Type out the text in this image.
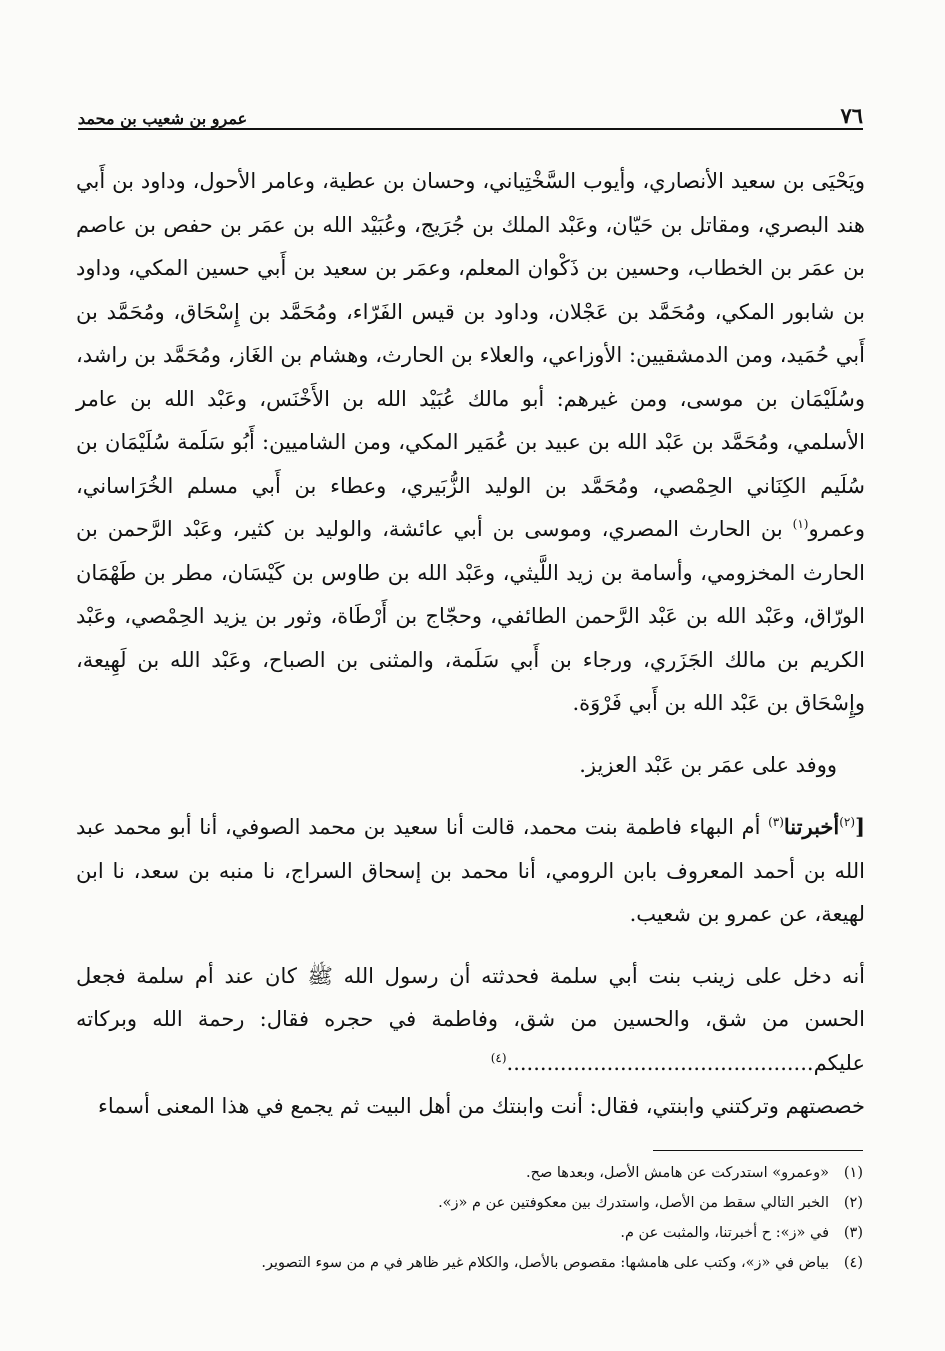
٧٦
عمرو بن شعيب بن محمد

ويَحْيَى بن سعيد الأنصاري، وأيوب السَّخْتِياني، وحسان بن عطية، وعامر الأحول، وداود بن أَبي هند البصري، ومقاتل بن حَيّان، وعَبْد الملك بن جُرَيج، وعُبَيْد الله بن عمَر بن حفص بن عاصم بن عمَر بن الخطاب، وحسين بن ذَكْوان المعلم، وعمَر بن سعيد بن أَبي حسين المكي، وداود بن شابور المكي، ومُحَمَّد بن عَجْلان، وداود بن قيس الفَرّاء، ومُحَمَّد بن إِسْحَاق، ومُحَمَّد بن أَبي حُمَيد، ومن الدمشقيين: الأوزاعي، والعلاء بن الحارث، وهشام بن الغَاز، ومُحَمَّد بن راشد، وسُلَيْمَان بن موسى، ومن غيرهم: أبو مالك عُبَيْد الله بن الأَخْنَس، وعَبْد الله بن عامر الأسلمي، ومُحَمَّد بن عَبْد الله بن عبيد بن عُمَير المكي، ومن الشاميين: أَبُو سَلَمة سُلَيْمَان بن سُلَيم الكِنَاني الحِمْصي، ومُحَمَّد بن الوليد الزُّبَيري، وعطاء بن أَبي مسلم الخُرَاساني، وعمرو$^{(١)}$ بن الحارث المصري، وموسى بن أبي عائشة، والوليد بن كثير، وعَبْد الرَّحمن بن الحارث المخزومي، وأسامة بن زيد اللَّيثي، وعَبْد الله بن طاوس بن كَيْسَان، مطر بن طَهْمَان الورّاق، وعَبْد الله بن عَبْد الرَّحمن الطائفي، وحجّاج بن أَرْطَاة، وثور بن يزيد الحِمْصي، وعَبْد الكريم بن مالك الجَزَري، ورجاء بن أَبي سَلَمة، والمثنى بن الصباح، وعَبْد الله بن لَهِيعة، وإِسْحَاق بن عَبْد الله بن أَبي فَرْوَة.

ووفد على عمَر بن عَبْد العزيز.

[$^{(٢)}$أخبرتنا$^{(٣)}$ أم البهاء فاطمة بنت محمد، قالت أنا سعيد بن محمد الصوفي، أنا أبو محمد عبد الله بن أحمد المعروف بابن الرومي، أنا محمد بن إسحاق السراج، نا منبه بن سعد، نا ابن لهيعة، عن عمرو بن شعيب.

أنه دخل على زينب بنت أبي سلمة فحدثته أن رسول الله ﷺ كان عند أم سلمة فجعل الحسن من شق، والحسين من شق، وفاطمة في حجره فقال: رحمة الله وبركاته عليكم..............................................$^{(٤)}$

خصصتهم وتركتني وابنتي، فقال: أنت وابنتك من أهل البيت ثم يجمع في هذا المعنى أسماء

(١)«وعمرو» استدركت عن هامش الأصل، وبعدها صح.

(٢)الخبر التالي سقط من الأصل، واستدرك بين معكوفتين عن م «ز».

(٣)في «ز»: ح أخبرتنا، والمثبت عن م.

(٤)بياض في «ز»، وكتب على هامشها: مقصوص بالأصل، والكلام غير ظاهر في م من سوء التصوير.
